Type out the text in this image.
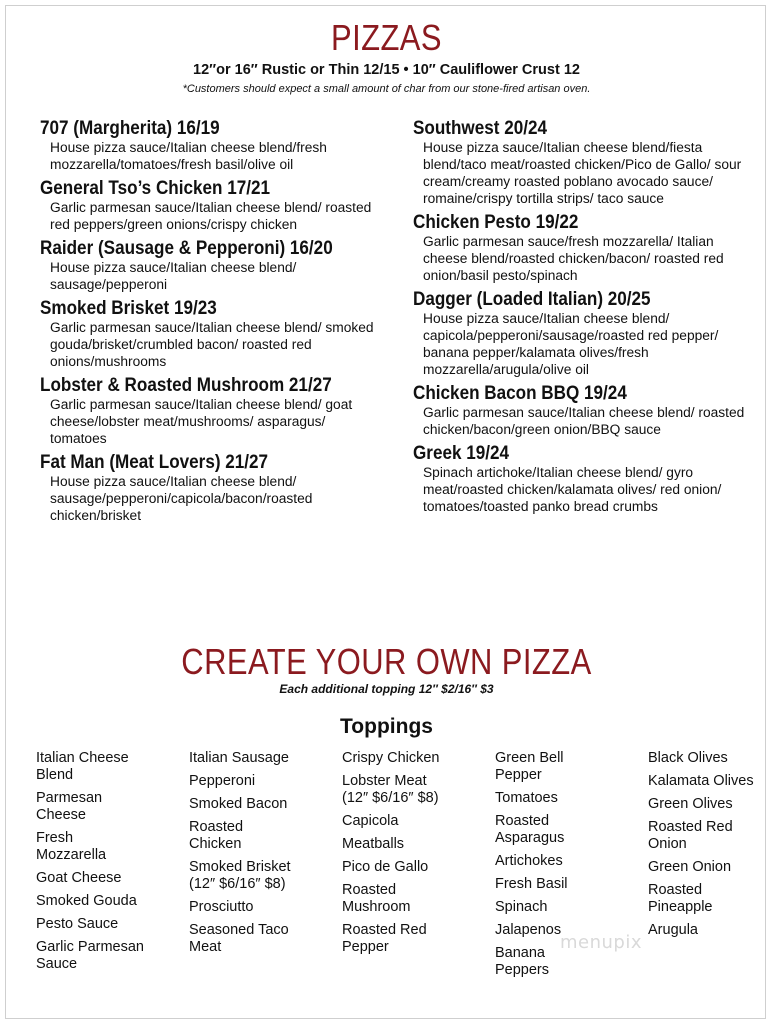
PIZZAS
12″or 16″ Rustic or Thin 12/15 • 10″ Cauliflower Crust 12
*Customers should expect a small amount of char from our stone-fired artisan oven.
707 (Margherita) 16/19

House pizza sauce/Italian cheese blend/fresh mozzarella/tomatoes/fresh basil/olive oil
General Tso’s Chicken 17/21

Garlic parmesan sauce/Italian cheese blend/ roasted red peppers/green onions/crispy chicken
Raider (Sausage & Pepperoni) 16/20

House pizza sauce/Italian cheese blend/ sausage/pepperoni
Smoked Brisket 19/23

Garlic parmesan sauce/Italian cheese blend/ smoked gouda/brisket/crumbled bacon/ roasted red onions/mushrooms
Lobster & Roasted Mushroom 21/27

Garlic parmesan sauce/Italian cheese blend/ goat cheese/lobster meat/mushrooms/ asparagus/ tomatoes
Fat Man (Meat Lovers) 21/27

House pizza sauce/Italian cheese blend/ sausage/pepperoni/capicola/bacon/roasted chicken/brisket
Southwest 20/24

House pizza sauce/Italian cheese blend/fiesta blend/taco meat/roasted chicken/Pico de Gallo/ sour cream/creamy roasted poblano avocado sauce/ romaine/crispy tortilla strips/ taco sauce
Chicken Pesto 19/22

Garlic parmesan sauce/fresh mozzarella/ Italian cheese blend/roasted chicken/bacon/ roasted red onion/basil pesto/spinach
Dagger (Loaded Italian) 20/25

House pizza sauce/Italian cheese blend/ capicola/pepperoni/sausage/roasted red pepper/ banana pepper/kalamata olives/fresh mozzarella/arugula/olive oil
Chicken Bacon BBQ 19/24

Garlic parmesan sauce/Italian cheese blend/ roasted chicken/bacon/green onion/BBQ sauce
Greek 19/24

Spinach artichoke/Italian cheese blend/ gyro meat/roasted chicken/kalamata olives/ red onion/ tomatoes/toasted panko bread crumbs
CREATE YOUR OWN PIZZA
Each additional topping 12″ $2/16″ $3
Toppings
Italian Cheese
Blend
Parmesan
Cheese
Fresh
Mozzarella
Goat Cheese
Smoked Gouda
Pesto Sauce
Garlic Parmesan
Sauce
Italian Sausage
Pepperoni
Smoked Bacon
Roasted
Chicken
Smoked Brisket
(12″ $6/16″ $8)
Prosciutto
Seasoned Taco
Meat
Crispy Chicken
Lobster Meat
(12″ $6/16″ $8)
Capicola
Meatballs
Pico de Gallo
Roasted
Mushroom
Roasted Red
Pepper
Green Bell
Pepper
Tomatoes
Roasted
Asparagus
Artichokes
Fresh Basil
Spinach
Jalapenos
Banana
Peppers
Black Olives
Kalamata Olives
Green Olives
Roasted Red
Onion
Green Onion
Roasted
Pineapple
Arugula
menupix
